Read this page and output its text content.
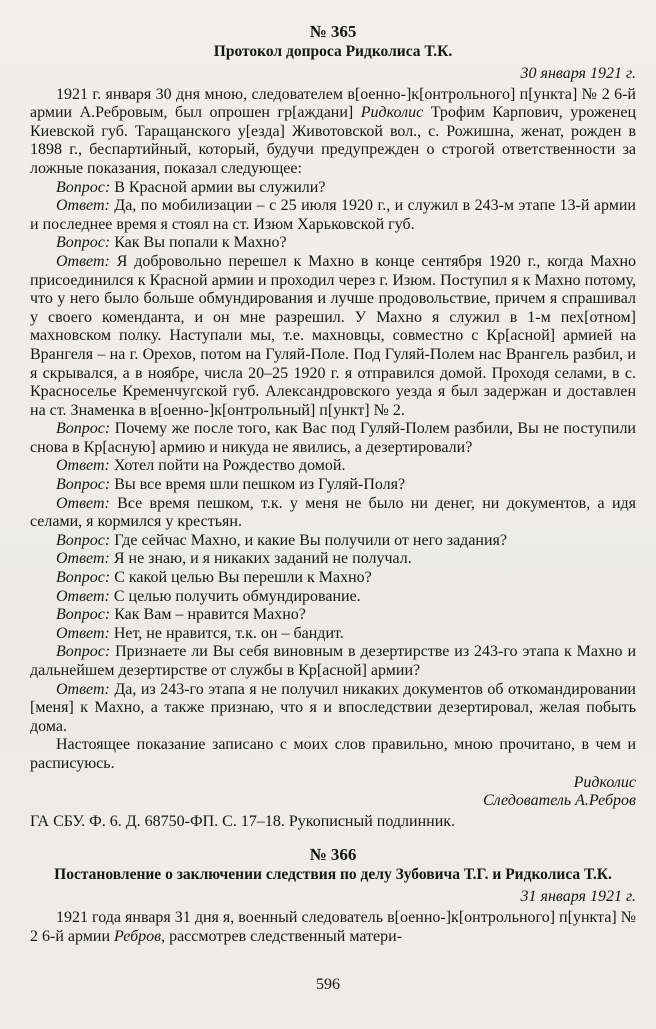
№ 365
Протокол допроса Ридколиса Т.К.
30 января 1921 г.

1921 г. января 30 дня мною, следователем в[оенно-]к[онтрольного] п[ункта] № 2 6-й армии А.Ребровым, был опрошен гр[аждани] Ридколис Трофим Карпович, уроженец Киевской губ. Таращанского у[езда] Животовской вол., с. Рожишна, женат, рожден в 1898 г., беспартийный, который, будучи предупрежден о строгой ответственности за ложные показания, показал следующее:

Вопрос: В Красной армии вы служили?

Ответ: Да, по мобилизации – с 25 июля 1920 г., и служил в 243-м этапе 13-й армии и последнее время я стоял на ст. Изюм Харьковской губ.

Вопрос: Как Вы попали к Махно?

Ответ: Я добровольно перешел к Махно в конце сентября 1920 г., когда Махно присоединился к Красной армии и проходил через г. Изюм. Поступил я к Махно потому, что у него было больше обмундирования и лучше продовольствие, причем я спрашивал у своего коменданта, и он мне разрешил. У Махно я служил в 1-м пех[отном] махновском полку. Наступали мы, т.е. махновцы, совместно с Кр[асной] армией на Врангеля – на г. Орехов, потом на Гуляй-Поле. Под Гуляй-Полем нас Врангель разбил, и я скрывался, а в ноябре, числа 20–25 1920 г. я отправился домой. Проходя селами, в с. Красноселье Кременчугской губ. Александровского уезда я был задержан и доставлен на ст. Знаменка в в[оенно-]к[онтрольный] п[ункт] № 2.

Вопрос: Почему же после того, как Вас под Гуляй-Полем разбили, Вы не поступили снова в Кр[асную] армию и никуда не явились, а дезертировали?

Ответ: Хотел пойти на Рождество домой.

Вопрос: Вы все время шли пешком из Гуляй-Поля?

Ответ: Все время пешком, т.к. у меня не было ни денег, ни документов, а идя селами, я кормился у крестьян.

Вопрос: Где сейчас Махно, и какие Вы получили от него задания?

Ответ: Я не знаю, и я никаких заданий не получал.

Вопрос: С какой целью Вы перешли к Махно?

Ответ: С целью получить обмундирование.

Вопрос: Как Вам – нравится Махно?

Ответ: Нет, не нравится, т.к. он – бандит.

Вопрос: Признаете ли Вы себя виновным в дезертирстве из 243-го этапа к Махно и дальнейшем дезертирстве от службы в Кр[асной] армии?

Ответ: Да, из 243-го этапа я не получил никаких документов об откомандировании [меня] к Махно, а также признаю, что я и впоследствии дезертировал, желая побыть дома.

Настоящее показание записано с моих слов правильно, мною прочитано, в чем и расписуюсь.

Ридколис
Следователь А.Ребров
ГА СБУ. Ф. 6. Д. 68750-ФП. С. 17–18. Рукописный подлинник.
№ 366
Постановление о заключении следствия по делу Зубовича Т.Г. и Ридколиса Т.К.
31 января 1921 г.

1921 года января 31 дня я, военный следователь в[оенно-]к[онтрольного] п[ункта] № 2 6-й армии Ребров, рассмотрев следственный матери-

596
